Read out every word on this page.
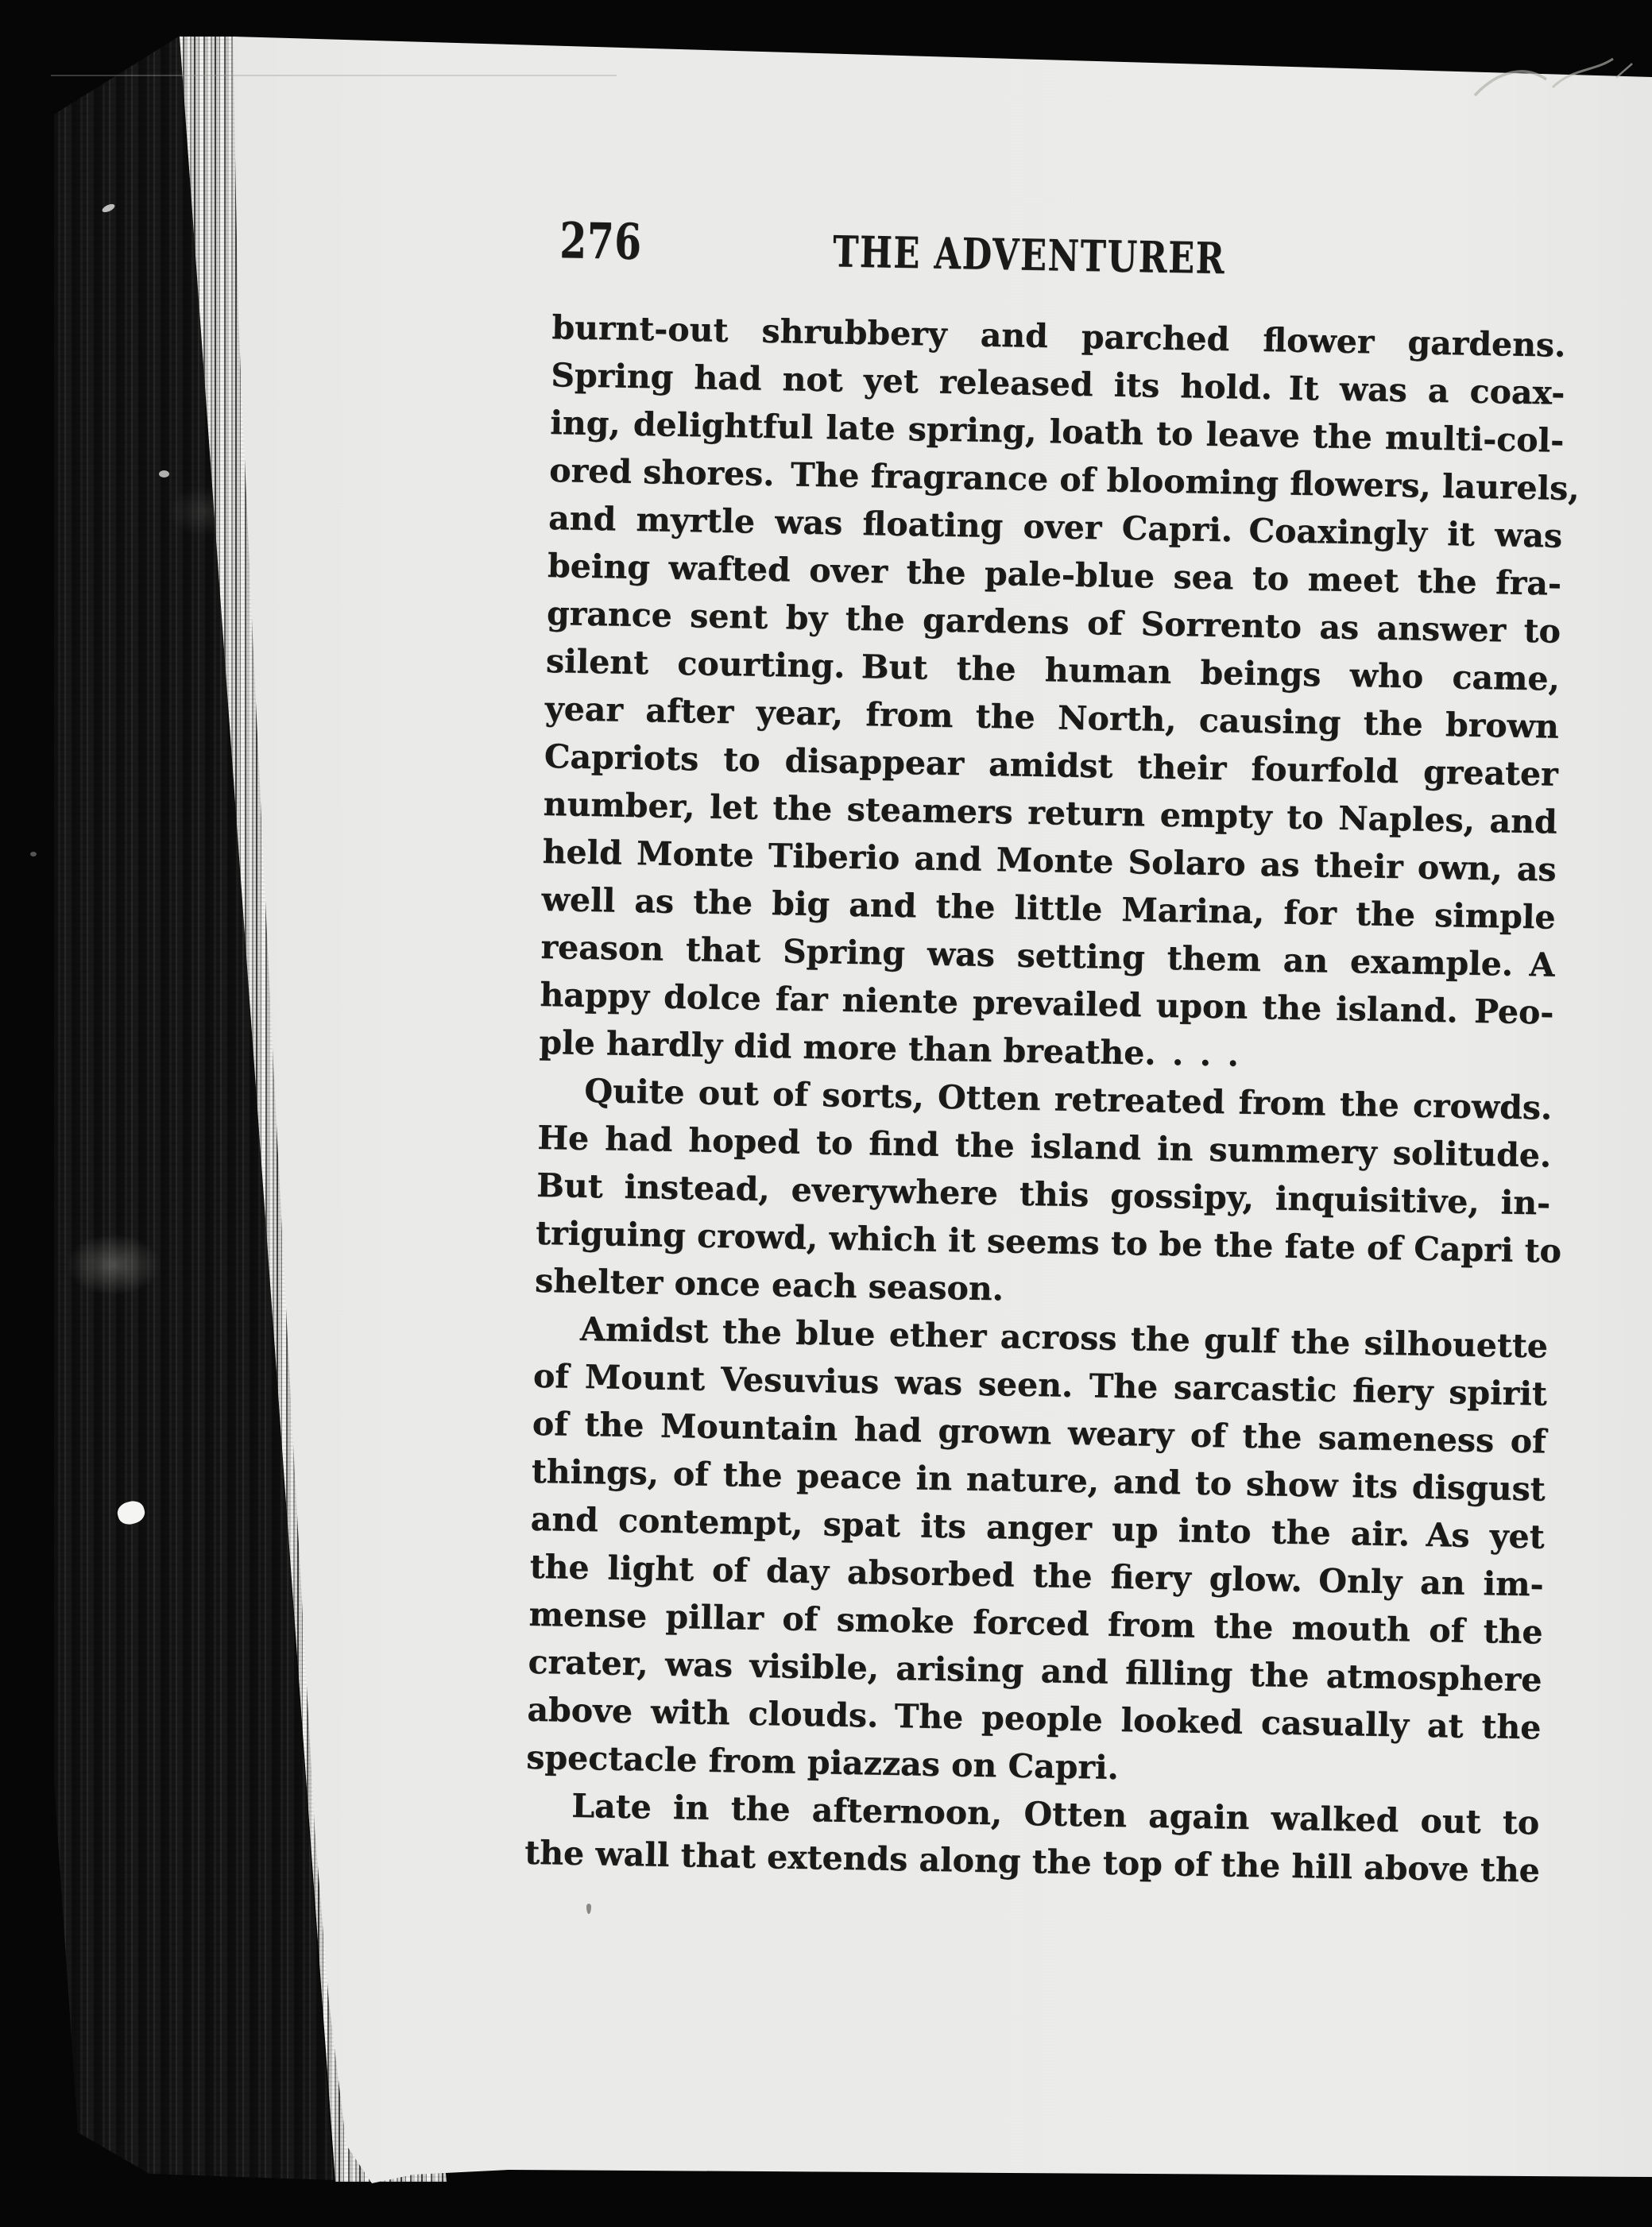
276	THE ADVENTURER
burnt-out shrubbery and parched flower gardens.
Spring had not yet released its hold. It was a coax-
ing, delightful late spring, loath to leave the multi-col-
ored shores. The fragrance of blooming flowers, laurels,
and myrtle was floating over Capri. Coaxingly it was
being wafted over the pale-blue sea to meet the fra-
grance sent by the gardens of Sorrento as answer to
silent courting. But the human beings who came,
year after year, from the North, causing the brown
Capriots to disappear amidst their fourfold greater
number, let the steamers return empty to Naples, and
held Monte Tiberio and Monte Solaro as their own, as
well as the big and the little Marina, for the simple
reason that Spring was setting them an example. A
happy dolce far niente prevailed upon the island. Peo-
ple hardly did more than breathe. . . .
Quite out of sorts, Otten retreated from the crowds.
He had hoped to find the island in summery solitude.
But instead, everywhere this gossipy, inquisitive, in-
triguing crowd, which it seems to be the fate of Capri to
shelter once each season.
Amidst the blue ether across the gulf the silhouette
of Mount Vesuvius was seen. The sarcastic fiery spirit
of the Mountain had grown weary of the sameness of
things, of the peace in nature, and to show its disgust
and contempt, spat its anger up into the air. As yet
the light of day absorbed the fiery glow. Only an im-
mense pillar of smoke forced from the mouth of the
crater, was visible, arising and filling the atmosphere
above with clouds. The people looked casually at the
spectacle from piazzas on Capri.
Late in the afternoon, Otten again walked out to
the wall that extends along the top of the hill above the
